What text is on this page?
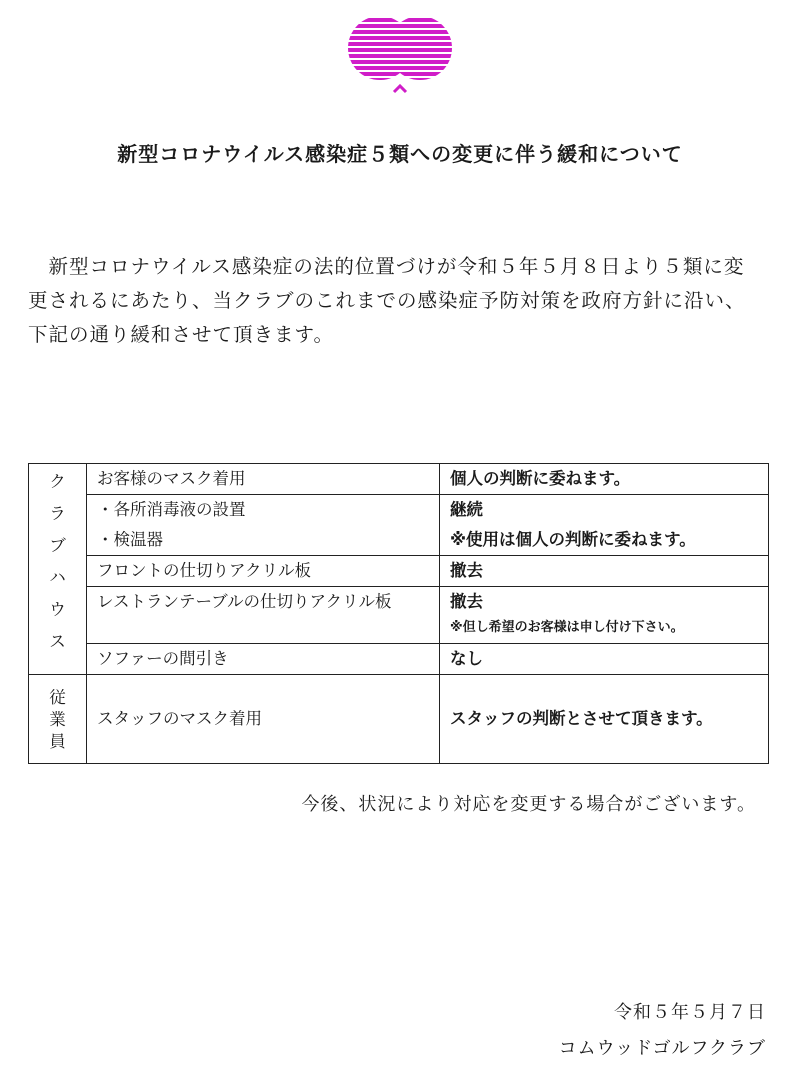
新型コロナウイルス感染症５類への変更に伴う緩和について

　新型コロナウイルス感染症の法的位置づけが令和５年５月８日より５類に変
更されるにあたり、当クラブのこれまでの感染症予防対策を政府方針に沿い、
下記の通り緩和させて頂きます。

クラブハウス	お客様のマスク着用	個人の判断に委ねます。

	・各所消毒液の設置
・検温器	継続
※使用は個人の判断に委ねます。

	フロントの仕切りアクリル板	撤去
	レストランテーブルの仕切りアクリル板	撤去
※但し希望のお客様は申し付け下さい。

	ソファーの間引き	なし
従業員	スタッフのマスク着用	スタッフの判断とさせて頂きます。
今後、状況により対応を変更する場合がございます。
令和５年５月７日
コムウッドゴルフクラブ
